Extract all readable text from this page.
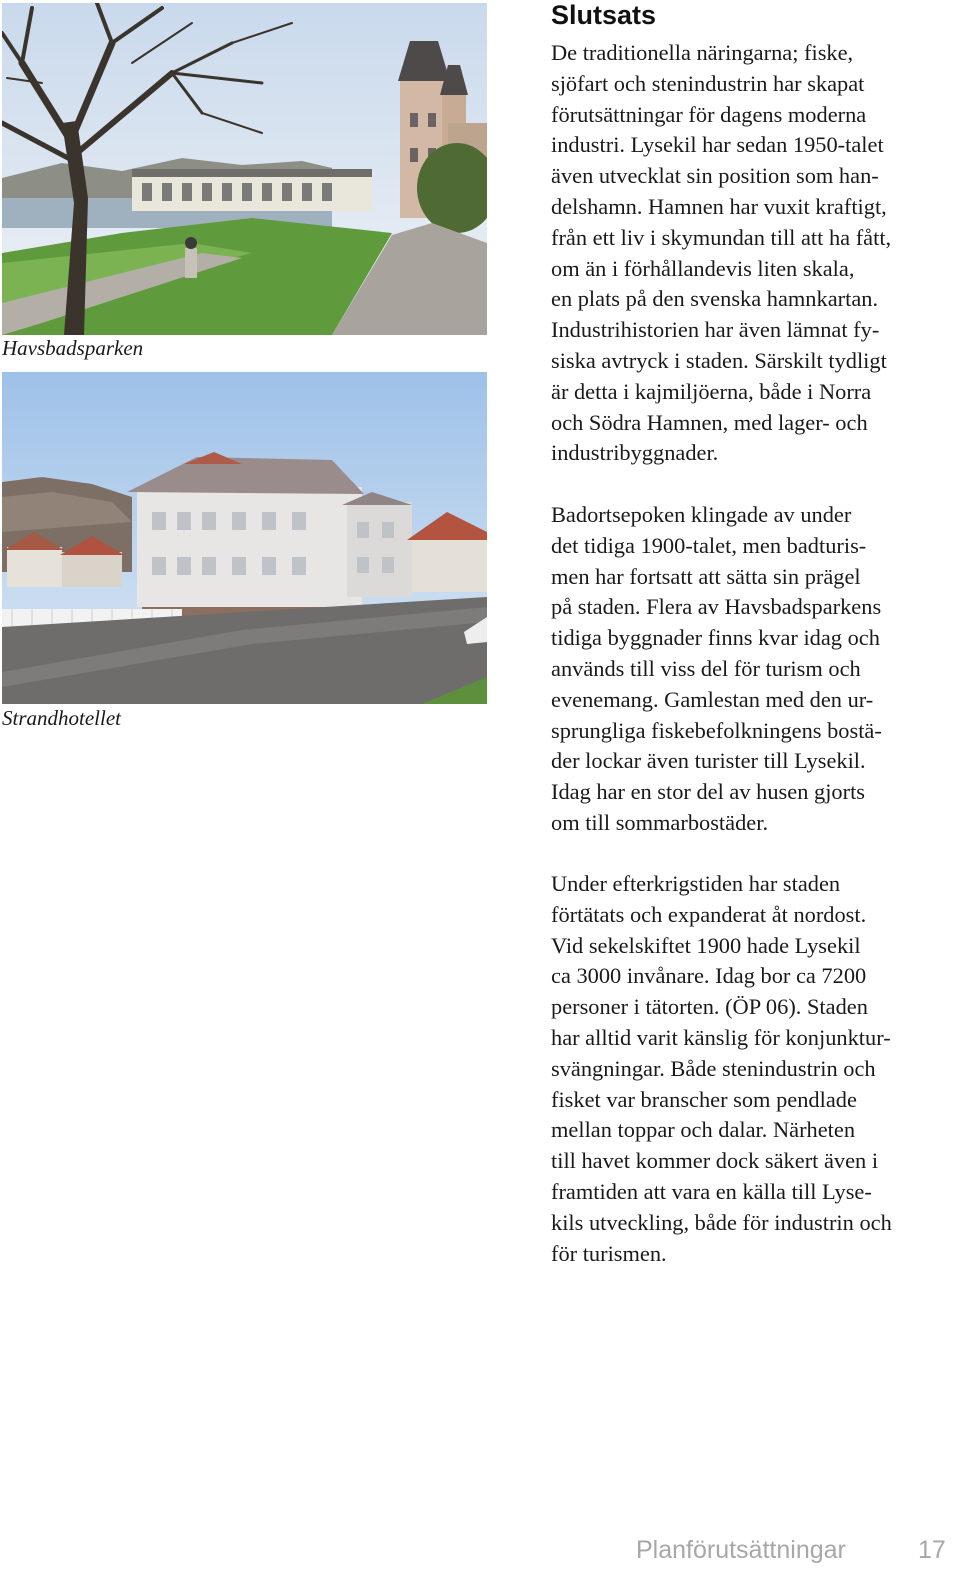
Havsbadsparken
Strandhotellet
Slutsats

De traditionella näringarna; fiske,
sjöfart och stenindustrin har skapat
förutsättningar för dagens moderna
industri. Lysekil har sedan 1950-talet
även utvecklat sin position som han-
delshamn. Hamnen har vuxit kraftigt,
från ett liv i skymundan till att ha fått,
om än i förhållandevis liten skala,
en plats på den svenska hamnkartan.
Industrihistorien har även lämnat fy-
siska avtryck i staden. Särskilt tydligt
är detta i kajmiljöerna, både i Norra
och Södra Hamnen, med lager- och
industribyggnader.

Badortsepoken klingade av under
det tidiga 1900-talet, men badturis-
men har fortsatt att sätta sin prägel
på staden. Flera av Havsbadsparkens
tidiga byggnader finns kvar idag och
används till viss del för turism och
evenemang. Gamlestan med den ur-
sprungliga fiskebefolkningens bostä-
der lockar även turister till Lysekil.
Idag har en stor del av husen gjorts
om till sommarbostäder.

Under efterkrigstiden har staden
förtätats och expanderat åt nordost.
Vid sekelskiftet 1900 hade Lysekil
ca 3000 invånare. Idag bor ca 7200
personer i tätorten. (ÖP 06). Staden
har alltid varit känslig för konjunktur-
svängningar. Både stenindustrin och
fisket var branscher som pendlade
mellan toppar och dalar. Närheten
till havet kommer dock säkert även i
framtiden att vara en källa till Lyse-
kils utveckling, både för industrin och
för turismen.

Planförutsättningar	17
